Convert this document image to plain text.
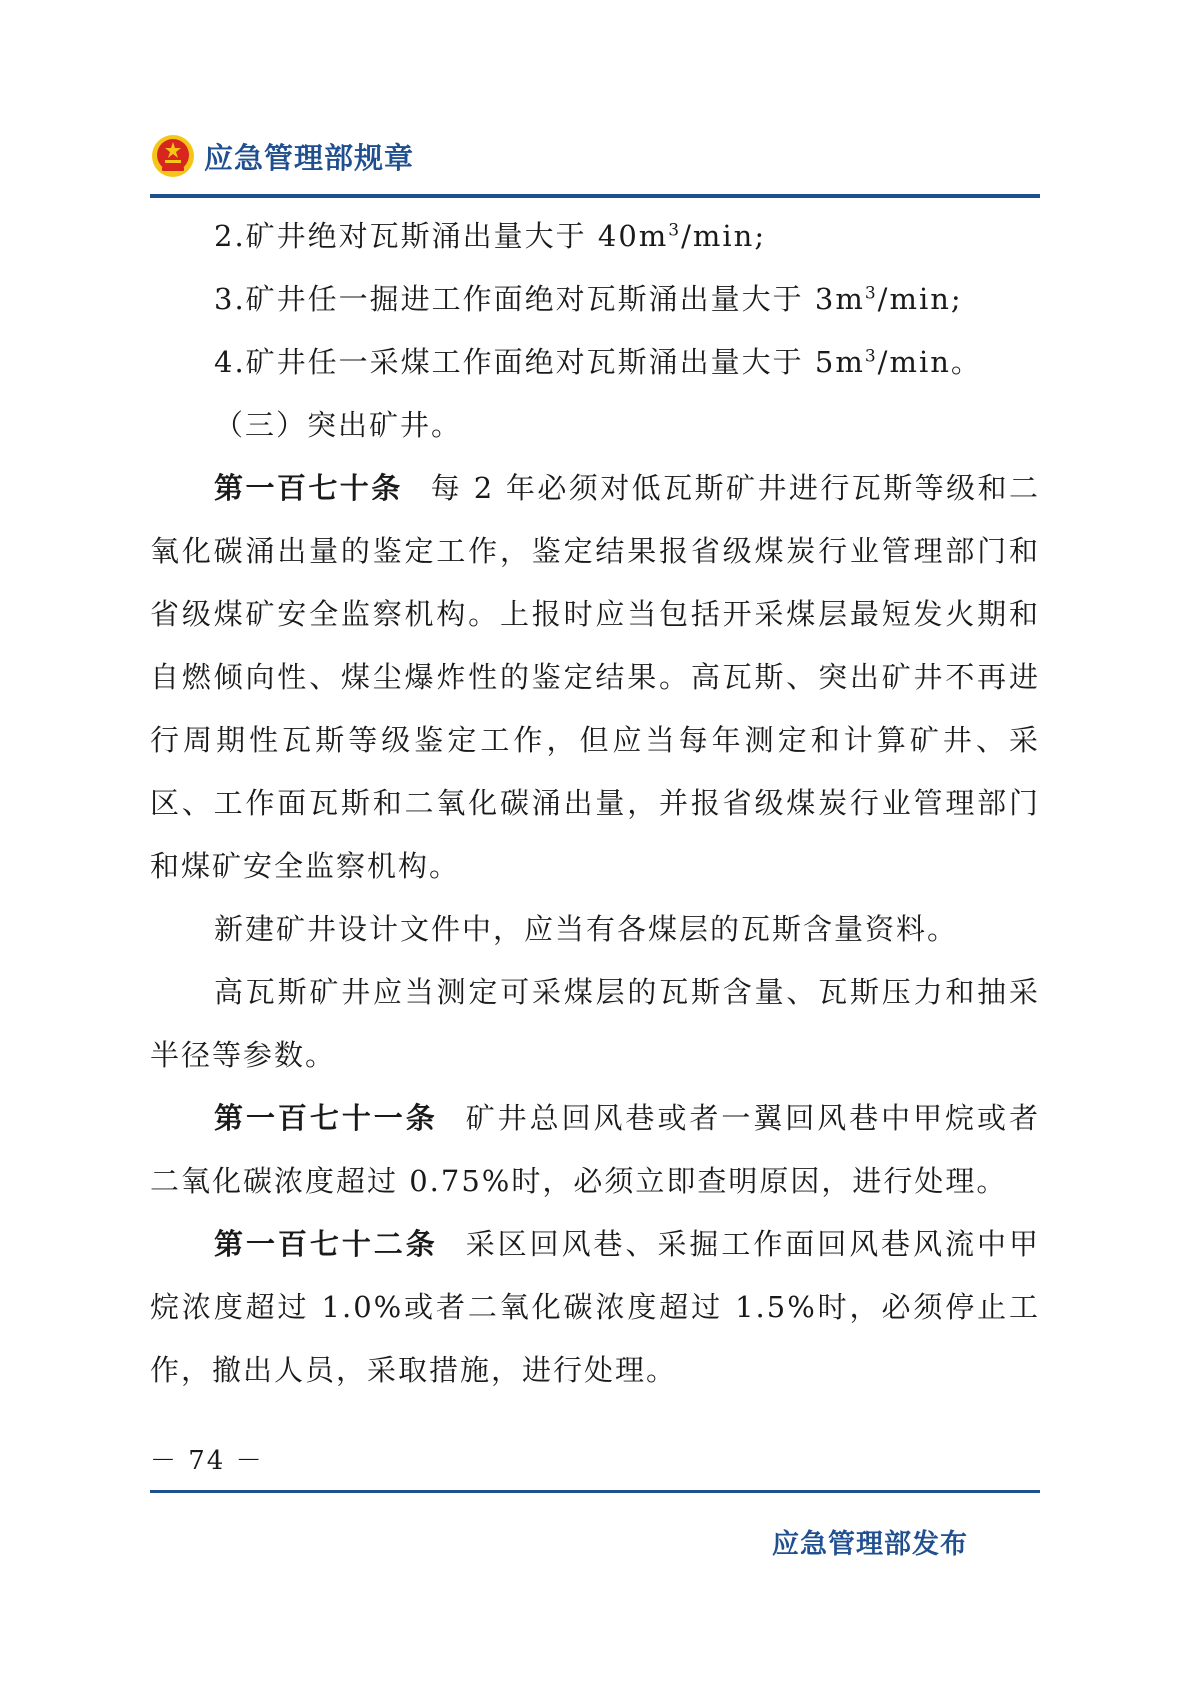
应急管理部规章

2.矿井绝对瓦斯涌出量大于 $40m^3/\min$;

3.矿井任一掘进工作面绝对瓦斯涌出量大于 $3m^3/\min$;

4.矿井任一采煤工作面绝对瓦斯涌出量大于 $5m^3/\min$。

（三）突出矿井。

第一百七十条 每 2 年必须对低瓦斯矿井进行瓦斯等级和二氧化碳涌出量的鉴定工作，鉴定结果报省级煤炭行业管理部门和省级煤矿安全监察机构。上报时应当包括开采煤层最短发火期和自燃倾向性、煤尘爆炸性的鉴定结果。高瓦斯、突出矿井不再进行周期性瓦斯等级鉴定工作，但应当每年测定和计算矿井、采区、工作面瓦斯和二氧化碳涌出量，并报省级煤炭行业管理部门和煤矿安全监察机构。

新建矿井设计文件中，应当有各煤层的瓦斯含量资料。

高瓦斯矿井应当测定可采煤层的瓦斯含量、瓦斯压力和抽采半径等参数。

第一百七十一条 矿井总回风巷或者一翼回风巷中甲烷或者二氧化碳浓度超过 0.75%时，必须立即查明原因，进行处理。

第一百七十二条 采区回风巷、采掘工作面回风巷风流中甲烷浓度超过 1.0%或者二氧化碳浓度超过 1.5%时，必须停止工作，撤出人员，采取措施，进行处理。

－ 74 －
应急管理部发布
